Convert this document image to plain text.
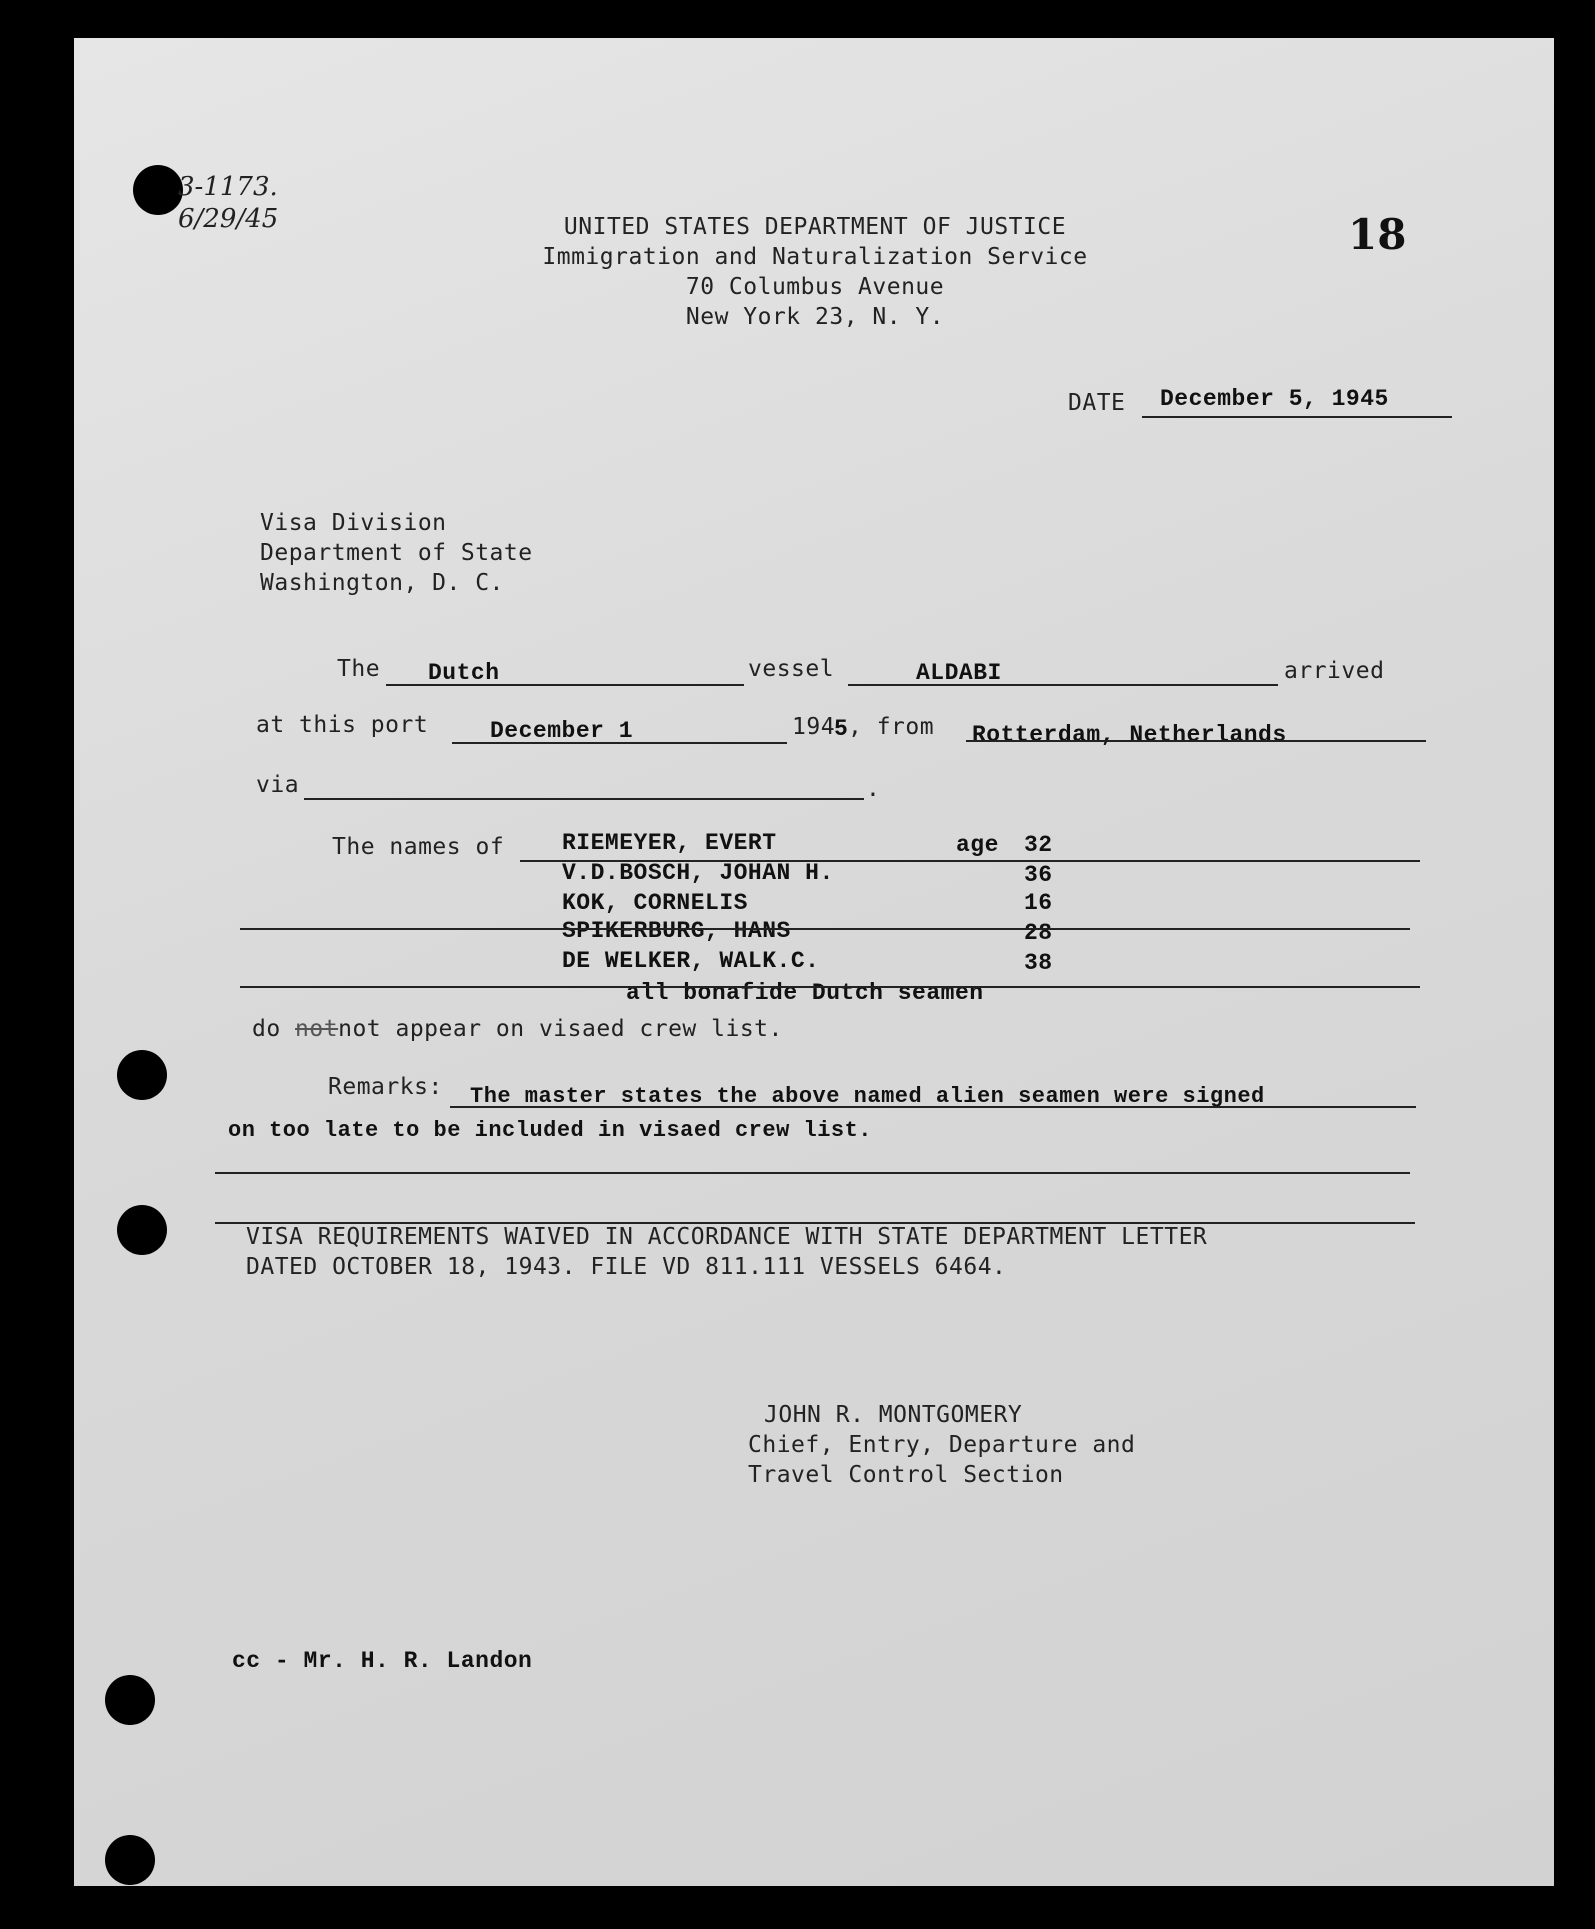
3-1173.
6/29/45	18
UNITED STATES DEPARTMENT OF JUSTICE
Immigration and Naturalization Service
70 Columbus Avenue
New York 23, N. Y.
DATE December 5, 1945
Visa Division
Department of State
Washington, D. C.
The Dutch	vessel	ALDABI	arrived
at this port	December 1	194
5 , from Rotterdam, Netherlands
via	.
The names of	age
RIEMEYER, EVERT	32
V.D.BOSCH, JOHAN H.	36
KOK, CORNELIS	16
SPIKERBURG, HANS	28
DE WELKER, WALK.C.	38
all bonafide Dutch seamen
do notnot appear on visaed crew list.
Remarks: The master states the above named alien seamen were signed
on too late to be included in visaed crew list.
VISA REQUIREMENTS WAIVED IN ACCORDANCE WITH STATE DEPARTMENT LETTER
DATED OCTOBER 18, 1943. FILE VD 811.111 VESSELS 6464.
JOHN R. MONTGOMERY
Chief, Entry, Departure and
Travel Control Section
cc - Mr. H. R. Landon
